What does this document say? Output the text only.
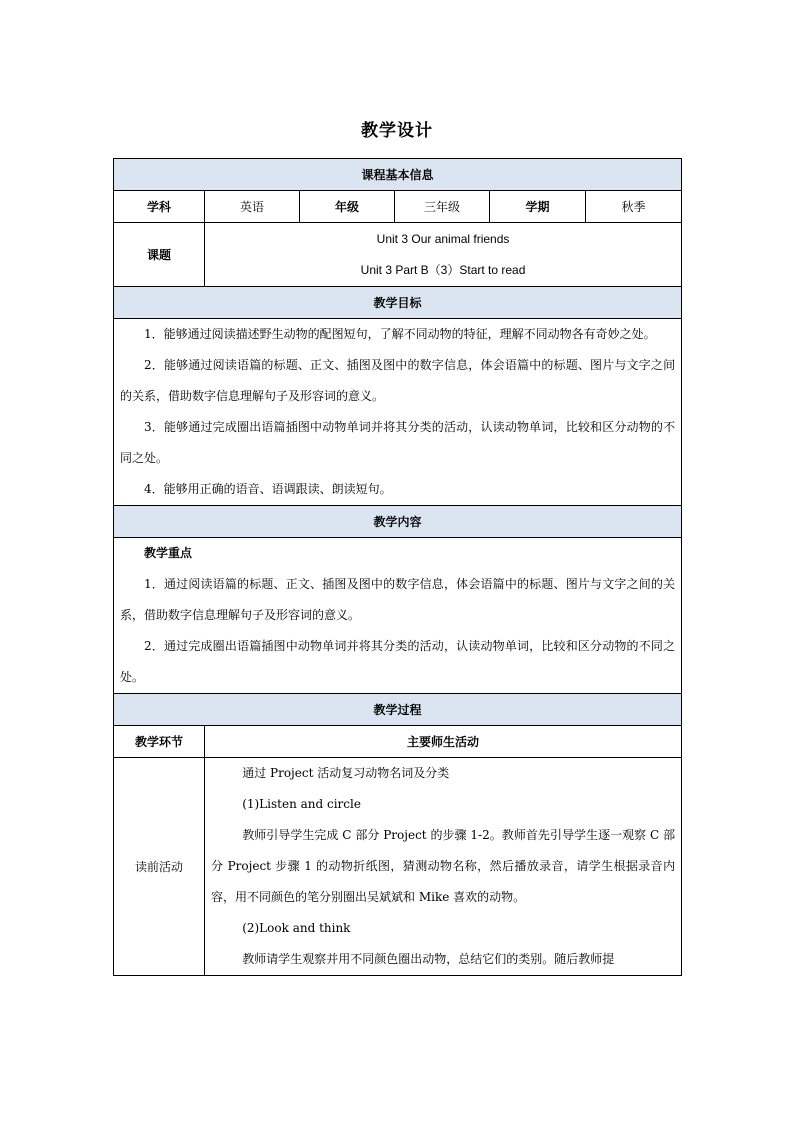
教学设计
课程基本信息					
学科	英语	年级	三年级	学期	秋季
课题	Unit 3 Our animal friends
Unit 3 Part B（3）Start to read				

教学目标					

1．能够通过阅读描述野生动物的配图短句，了解不同动物的特征，理解不同动物各有奇妙之处。

2．能够通过阅读语篇的标题、正文、插图及图中的数字信息，体会语篇中的标题、图片与文字之间的关系，借助数字信息理解句子及形容词的意义。

3．能够通过完成圈出语篇插图中动物单词并将其分类的活动，认读动物单词，比较和区分动物的不同之处。

4．能够用正确的语音、语调跟读、朗读短句。					

教学内容					

教学重点

1．通过阅读语篇的标题、正文、插图及图中的数字信息，体会语篇中的标题、图片与文字之间的关系，借助数字信息理解句子及形容词的意义。

2．通过完成圈出语篇插图中动物单词并将其分类的活动，认读动物单词，比较和区分动物的不同之处。					

教学过程					
教学环节	主要师生活动				
读前活动	通过 Project 活动复习动物名词及分类

(1)Listen and circle

教师引导学生完成 C 部分 Project 的步骤 1-2。教师首先引导学生逐一观察 C 部分 Project 步骤 1 的动物折纸图，猜测动物名称，然后播放录音，请学生根据录音内容，用不同颜色的笔分别圈出吴斌斌和 Mike 喜欢的动物。

(2)Look and think

教师请学生观察并用不同颜色圈出动物，总结它们的类别。随后教师提				
